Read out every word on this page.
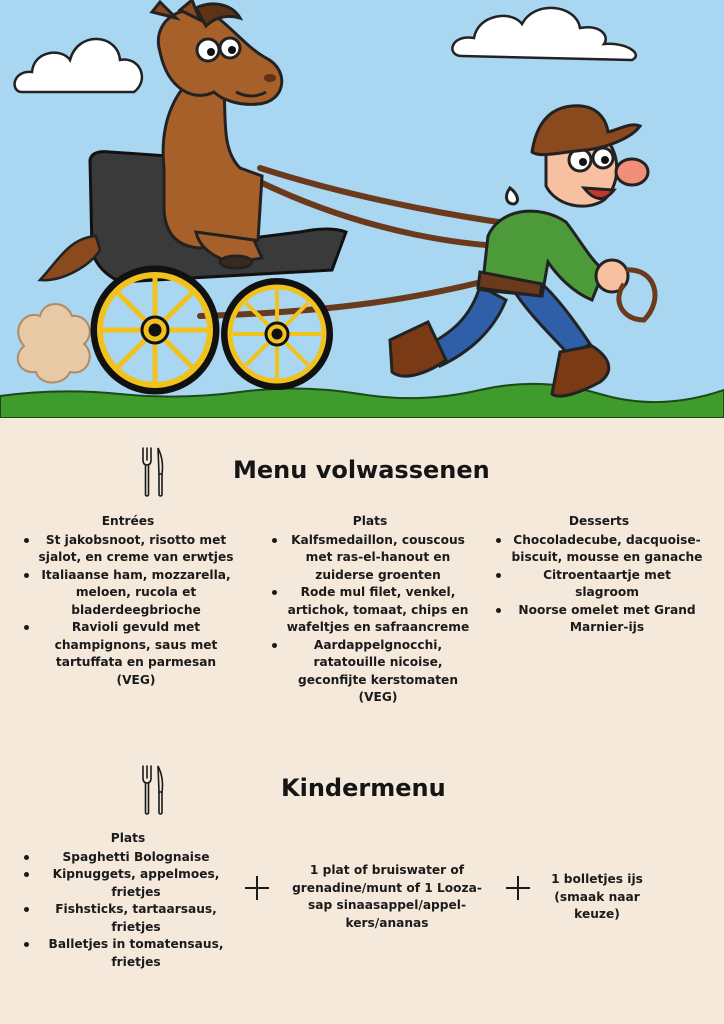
Menu volwassenen
Entrées
St jakobsnoot, risotto met sjalot, en creme van erwtjes
Italiaanse ham, mozzarella, meloen, rucola et bladerdeegbrioche
Ravioli gevuld met champignons, saus met tartuffata en parmesan (VEG)
Plats
Kalfsmedaillon, couscous met ras-el-hanout en zuiderse groenten
Rode mul filet, venkel, artichok, tomaat, chips en wafeltjes en safraancreme
Aardappelgnocchi, ratatouille nicoise, geconfijte kerstomaten (VEG)
Desserts
Chocoladecube, dacquoise-biscuit, mousse en ganache
Citroentaartje met slagroom
Noorse omelet met Grand Marnier-ijs
Kindermenu
Plats
Spaghetti Bolognaise
Kipnuggets, appelmoes, frietjes
Fishsticks, tartaarsaus, frietjes
Balletjes in tomatensaus, frietjes
1 plat of bruiswater of grenadine/munt of 1 Looza-sap sinaasappel/appel-kers/ananas
1 bolletjes ijs (smaak naar keuze)
